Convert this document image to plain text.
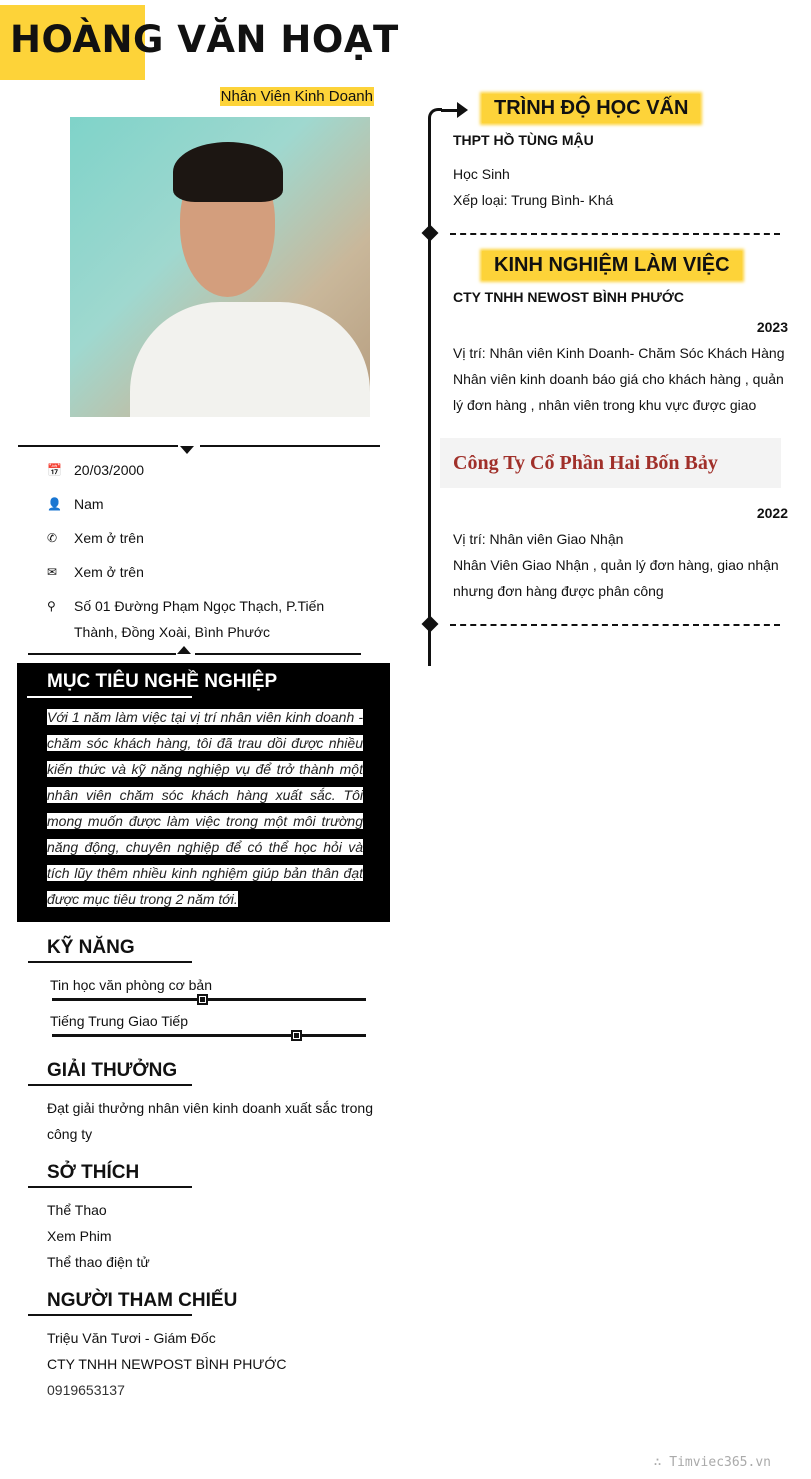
HOÀNG VĂN HOẠT
Nhân Viên Kinh Doanh
📅 20/03/2000
👤 Nam
✆	Xem ở trên
✉	Xem ở trên
⚲	Số 01 Đường Phạm Ngọc Thạch, P.Tiến Thành, Đồng Xoài, Bình Phước
MỤC TIÊU NGHỀ NGHIỆP

Với 1 năm làm việc tại vị trí nhân viên kinh doanh - chăm sóc khách hàng, tôi đã trau dồi được nhiều kiến thức và kỹ năng nghiệp vụ để trở thành một nhân viên chăm sóc khách hàng xuất sắc. Tôi mong muốn được làm việc trong một môi trường năng động, chuyên nghiệp để có thể học hỏi và tích lũy thêm nhiều kinh nghiệm giúp bản thân đạt được mục tiêu trong 2 năm tới.

KỸ NĂNG
Tin học văn phòng cơ bản
Tiếng Trung Giao Tiếp
GIẢI THƯỞNG
Đạt giải thưởng nhân viên kinh doanh xuất sắc trong công ty
SỞ THÍCH
Thể Thao
Xem Phim
Thể thao điện tử
NGƯỜI THAM CHIẾU
Triệu Văn Tươi - Giám Đốc
CTY TNHH NEWPOST BÌNH PHƯỚC
0919653137
TRÌNH ĐỘ HỌC VẤN
THPT HỒ TÙNG MẬU
Học Sinh
Xếp loại: Trung Bình- Khá
KINH NGHIỆM LÀM VIỆC
CTY TNHH NEWOST BÌNH PHƯỚC
2023
Vị trí: Nhân viên Kinh Doanh- Chăm Sóc Khách Hàng
Nhân viên kinh doanh báo giá cho khách hàng , quản lý đơn hàng , nhân viên trong khu vực được giao
Công Ty Cổ Phần Hai Bốn Bảy
2022
Vị trí: Nhân viên Giao Nhận
Nhân Viên Giao Nhận , quản lý đơn hàng, giao nhận nhưng đơn hàng được phân công
∴ Timviec365.vn
